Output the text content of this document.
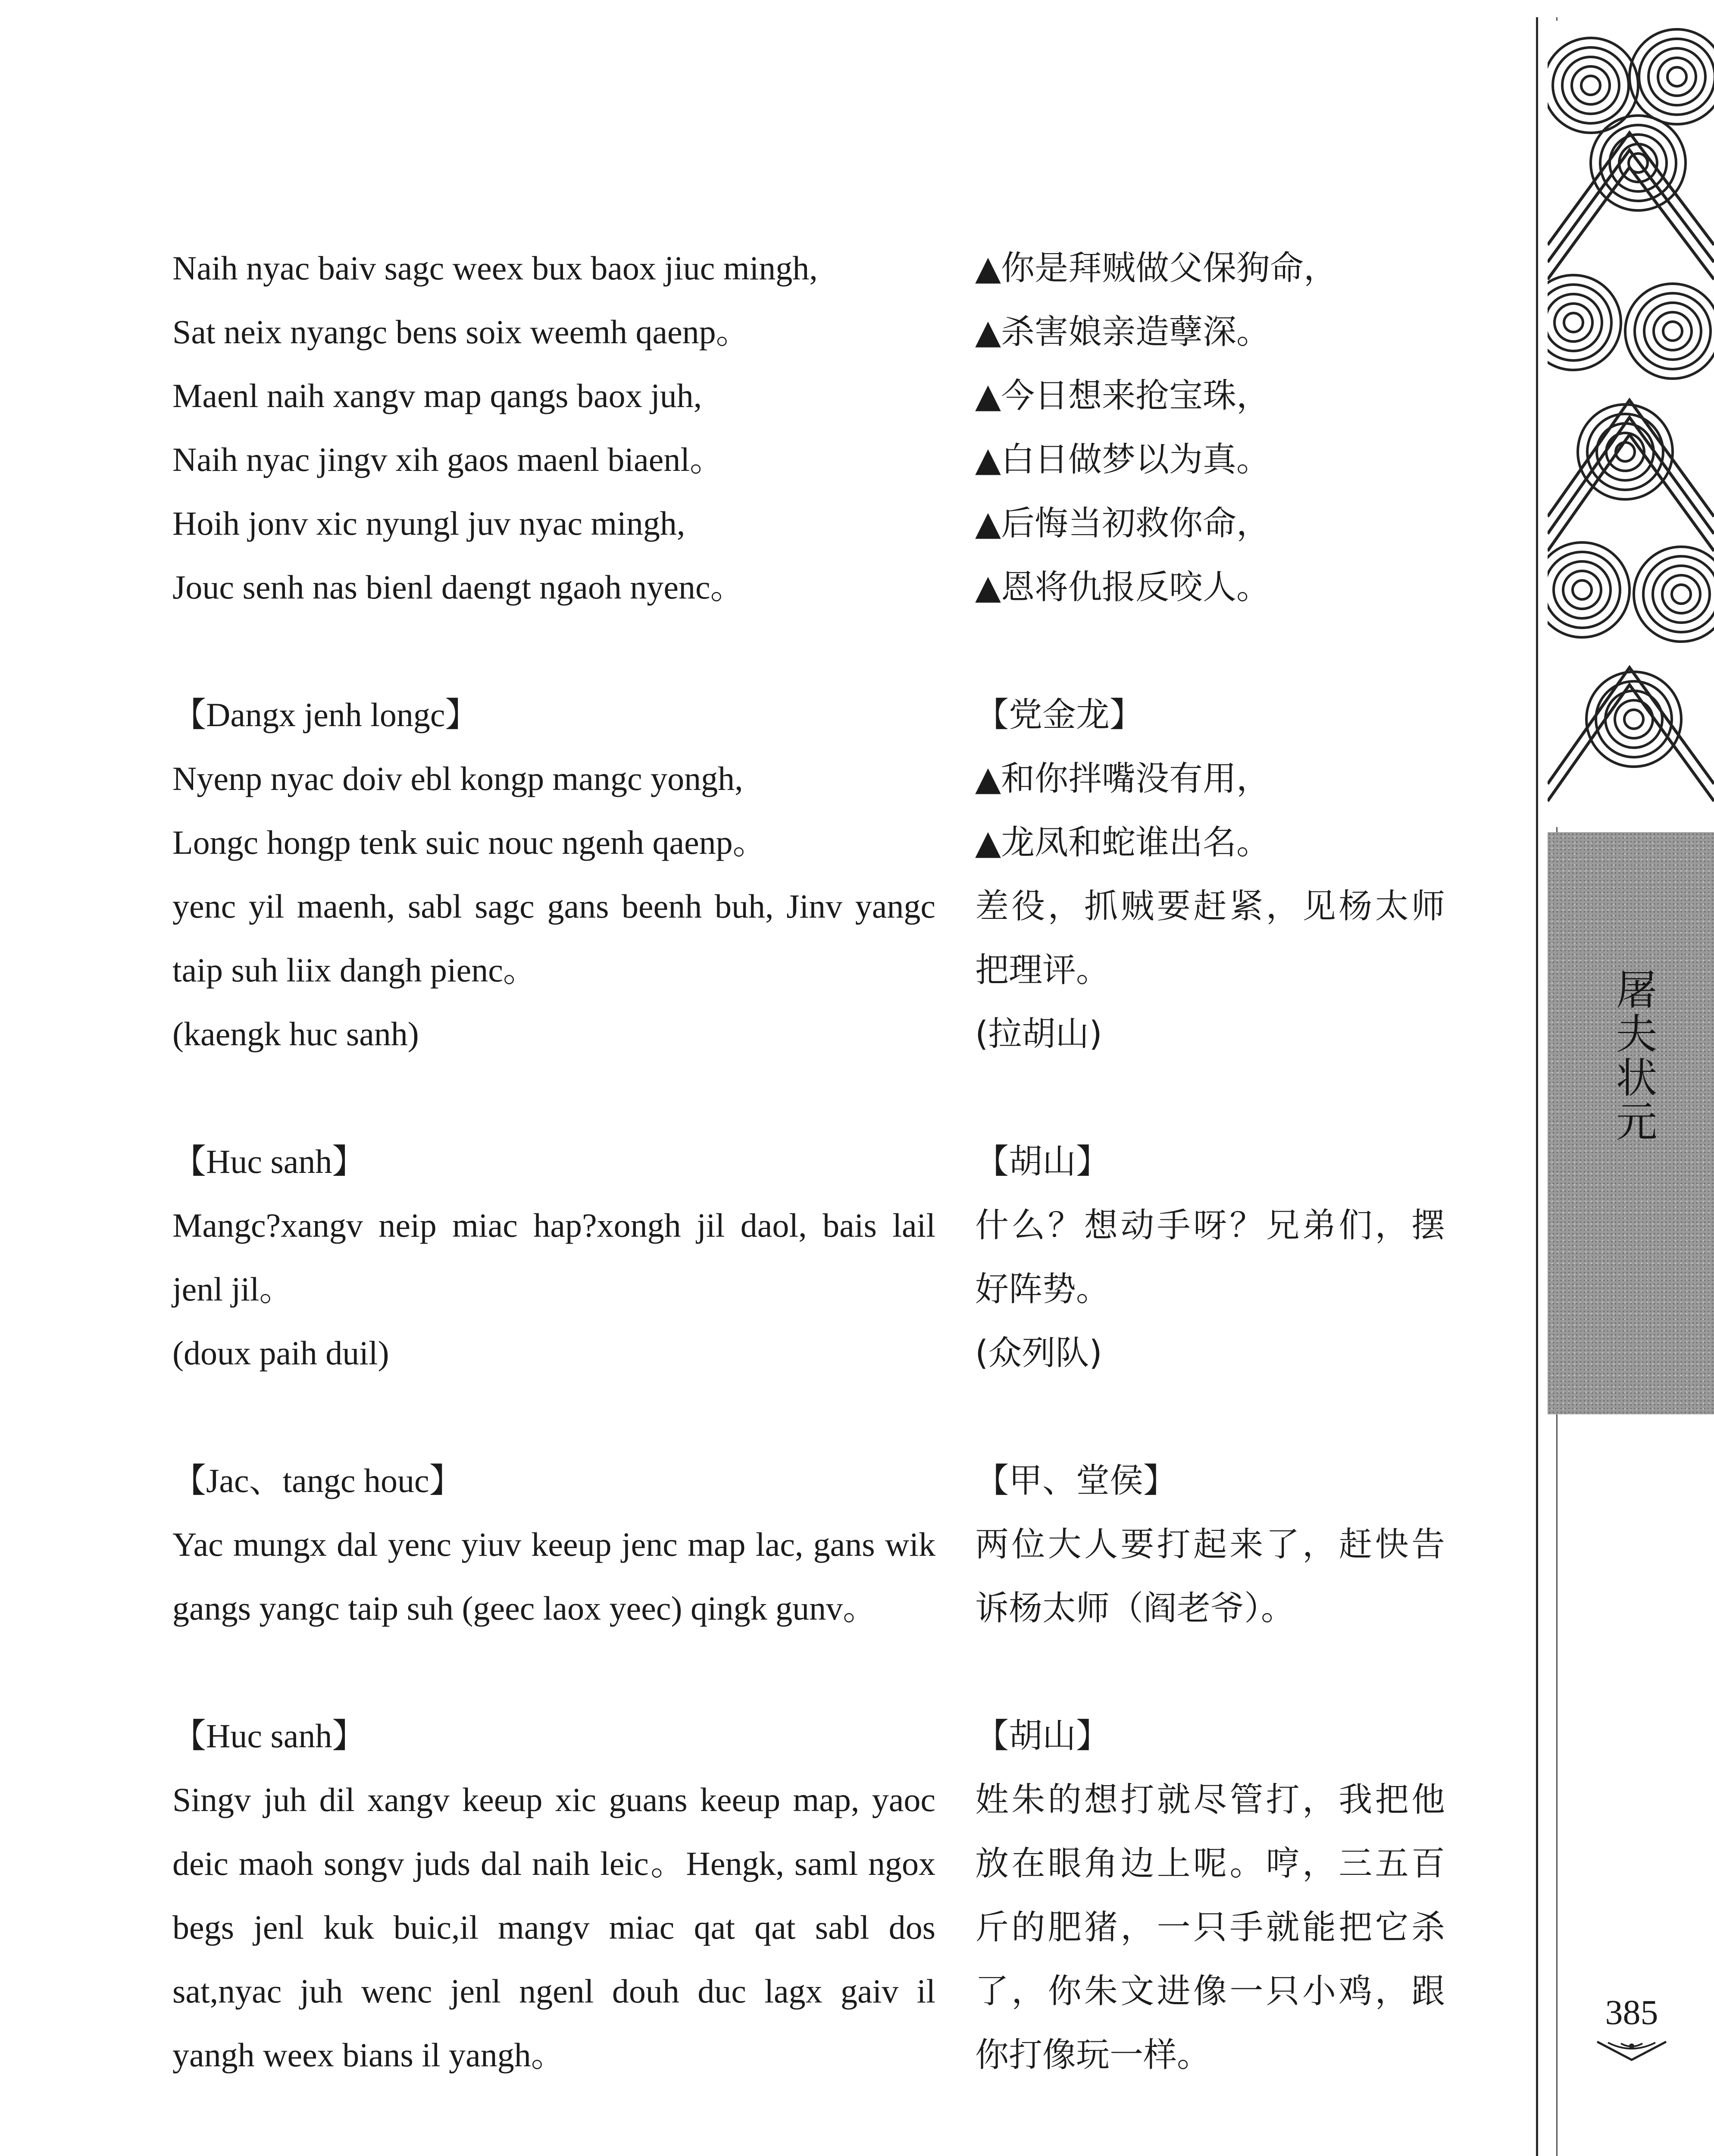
Naih nyac baiv sagc weex bux baox jiuc mingh,
Sat neix nyangc bens soix weemh qaenp。
Maenl naih xangv map qangs baox juh,
Naih nyac jingv xih gaos maenl biaenl。
Hoih jonv xic nyungl juv nyac mingh,
Jouc senh nas bienl daengt ngaoh nyenc。
【Dangx jenh longc】
Nyenp nyac doiv ebl kongp mangc yongh,
Longc hongp tenk suic nouc ngenh qaenp。
yenc yil maenh, sabl sagc gans beenh buh, Jinv yangc taip suh liix dangh pienc。
(kaengk huc sanh)
【Huc sanh】
Mangc?xangv neip miac hap?xongh jil daol, bais lail jenl jil。
(doux paih duil)
【Jac、tangc houc】
Yac mungx dal yenc yiuv keeup jenc map lac, gans wik gangs yangc taip suh (geec laox yeec) qingk gunv。
【Huc sanh】
Singv juh dil xangv keeup xic guans keeup map, yaoc deic maoh songv juds dal naih leic。Hengk, saml ngox begs jenl kuk buic,il mangv miac qat qat sabl dos sat,nyac juh wenc jenl ngenl douh duc lagx gaiv il yangh weex bians il yangh。
▲你是拜贼做父保狗命，
▲杀害娘亲造孽深。
▲今日想来抢宝珠，
▲白日做梦以为真。
▲后悔当初救你命，
▲恩将仇报反咬人。
【党金龙】
▲和你拌嘴没有用，
▲龙凤和蛇谁出名。
差役，抓贼要赶紧，见杨太师把理评。
(拉胡山)
【胡山】
什么？想动手呀？兄弟们，摆好阵势。
(众列队)
【甲、堂侯】
两位大人要打起来了，赶快告诉杨太师（阎老爷）。
【胡山】
姓朱的想打就尽管打，我把他放在眼角边上呢。哼，三五百斤的肥猪，一只手就能把它杀了，你朱文进像一只小鸡，跟你打像玩一样。
屠夫状元
385
